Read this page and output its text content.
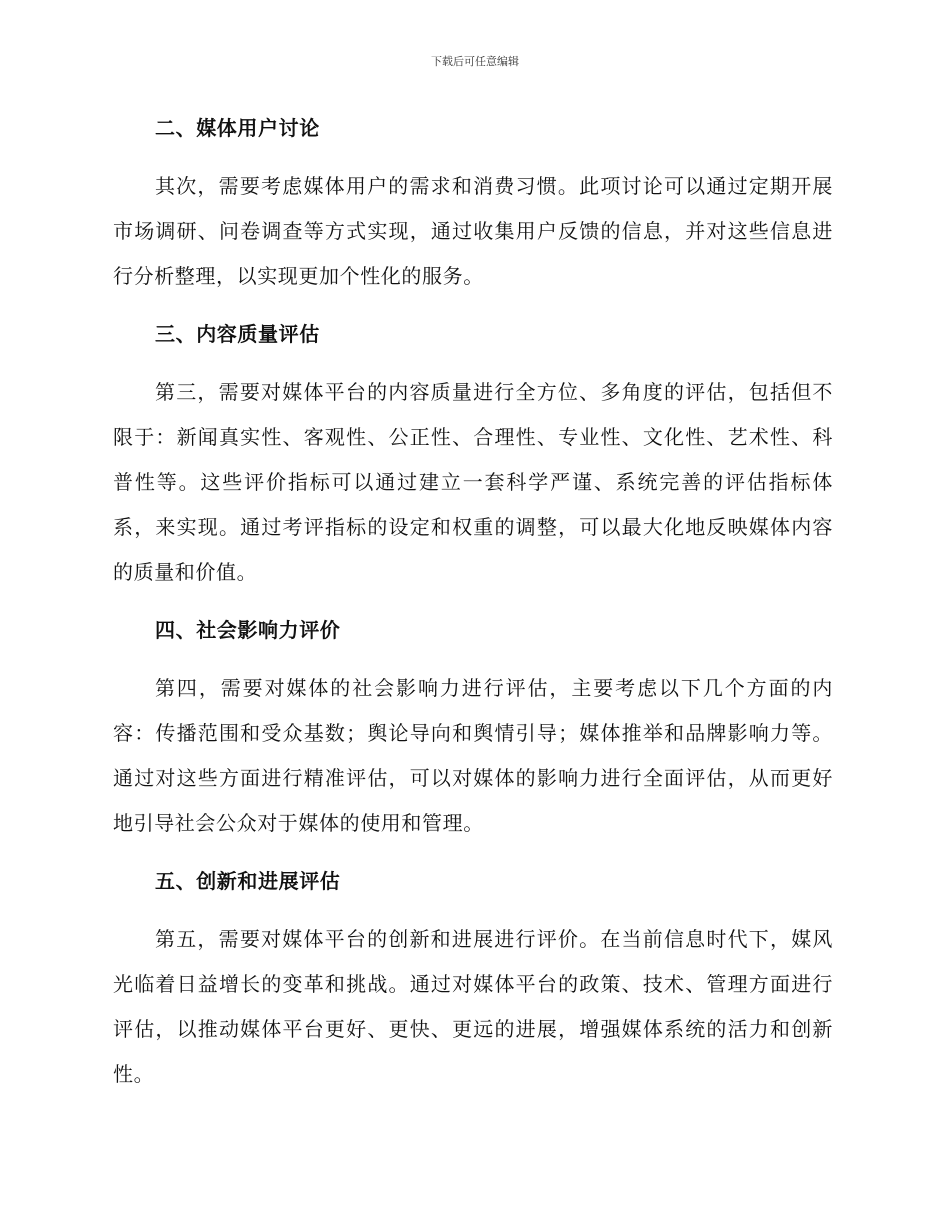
下载后可任意编辑
二、媒体用户讨论
其次，需要考虑媒体用户的需求和消费习惯。此项讨论可以通过定期开展市场调研、问卷调查等方式实现，通过收集用户反馈的信息，并对这些信息进行分析整理，以实现更加个性化的服务。
三、内容质量评估
第三，需要对媒体平台的内容质量进行全方位、多角度的评估，包括但不限于：新闻真实性、客观性、公正性、合理性、专业性、文化性、艺术性、科普性等。这些评价指标可以通过建立一套科学严谨、系统完善的评估指标体系，来实现。通过考评指标的设定和权重的调整，可以最大化地反映媒体内容的质量和价值。
四、社会影响力评价
第四，需要对媒体的社会影响力进行评估，主要考虑以下几个方面的内容：传播范围和受众基数；舆论导向和舆情引导；媒体推举和品牌影响力等。通过对这些方面进行精准评估，可以对媒体的影响力进行全面评估，从而更好地引导社会公众对于媒体的使用和管理。
五、创新和进展评估
第五，需要对媒体平台的创新和进展进行评价。在当前信息时代下，媒风光临着日益增长的变革和挑战。通过对媒体平台的政策、技术、管理方面进行评估，以推动媒体平台更好、更快、更远的进展，增强媒体系统的活力和创新性。
